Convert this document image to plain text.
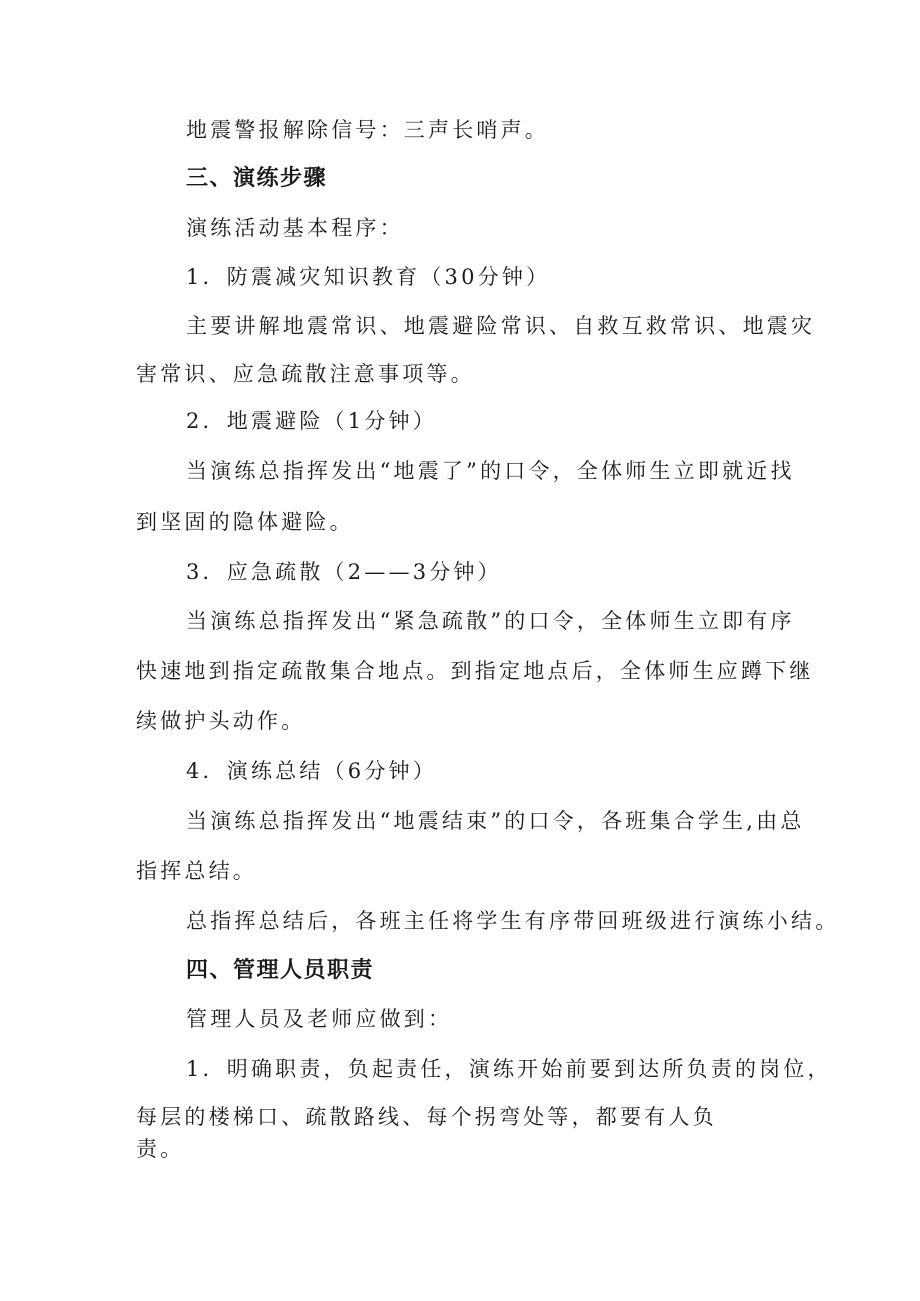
地震警报解除信号：三声长哨声。
三、演练步骤
演练活动基本程序：
1．防震减灾知识教育（30分钟）
主要讲解地震常识、地震避险常识、自救互救常识、地震灾
害常识、应急疏散注意事项等。
2．地震避险（1分钟）
当演练总指挥发出“地震了”的口令，全体师生立即就近找
到坚固的隐体避险。
3．应急疏散（2——3分钟）
当演练总指挥发出“紧急疏散”的口令，全体师生立即有序
快速地到指定疏散集合地点。到指定地点后，全体师生应蹲下继
续做护头动作。
4．演练总结（6分钟）
当演练总指挥发出“地震结束”的口令，各班集合学生,由总
指挥总结。
总指挥总结后，各班主任将学生有序带回班级进行演练小结。
四、管理人员职责
管理人员及老师应做到：
1．明确职责，负起责任，演练开始前要到达所负责的岗位，
每层的楼梯口、疏散路线、每个拐弯处等，都要有人负
责。
